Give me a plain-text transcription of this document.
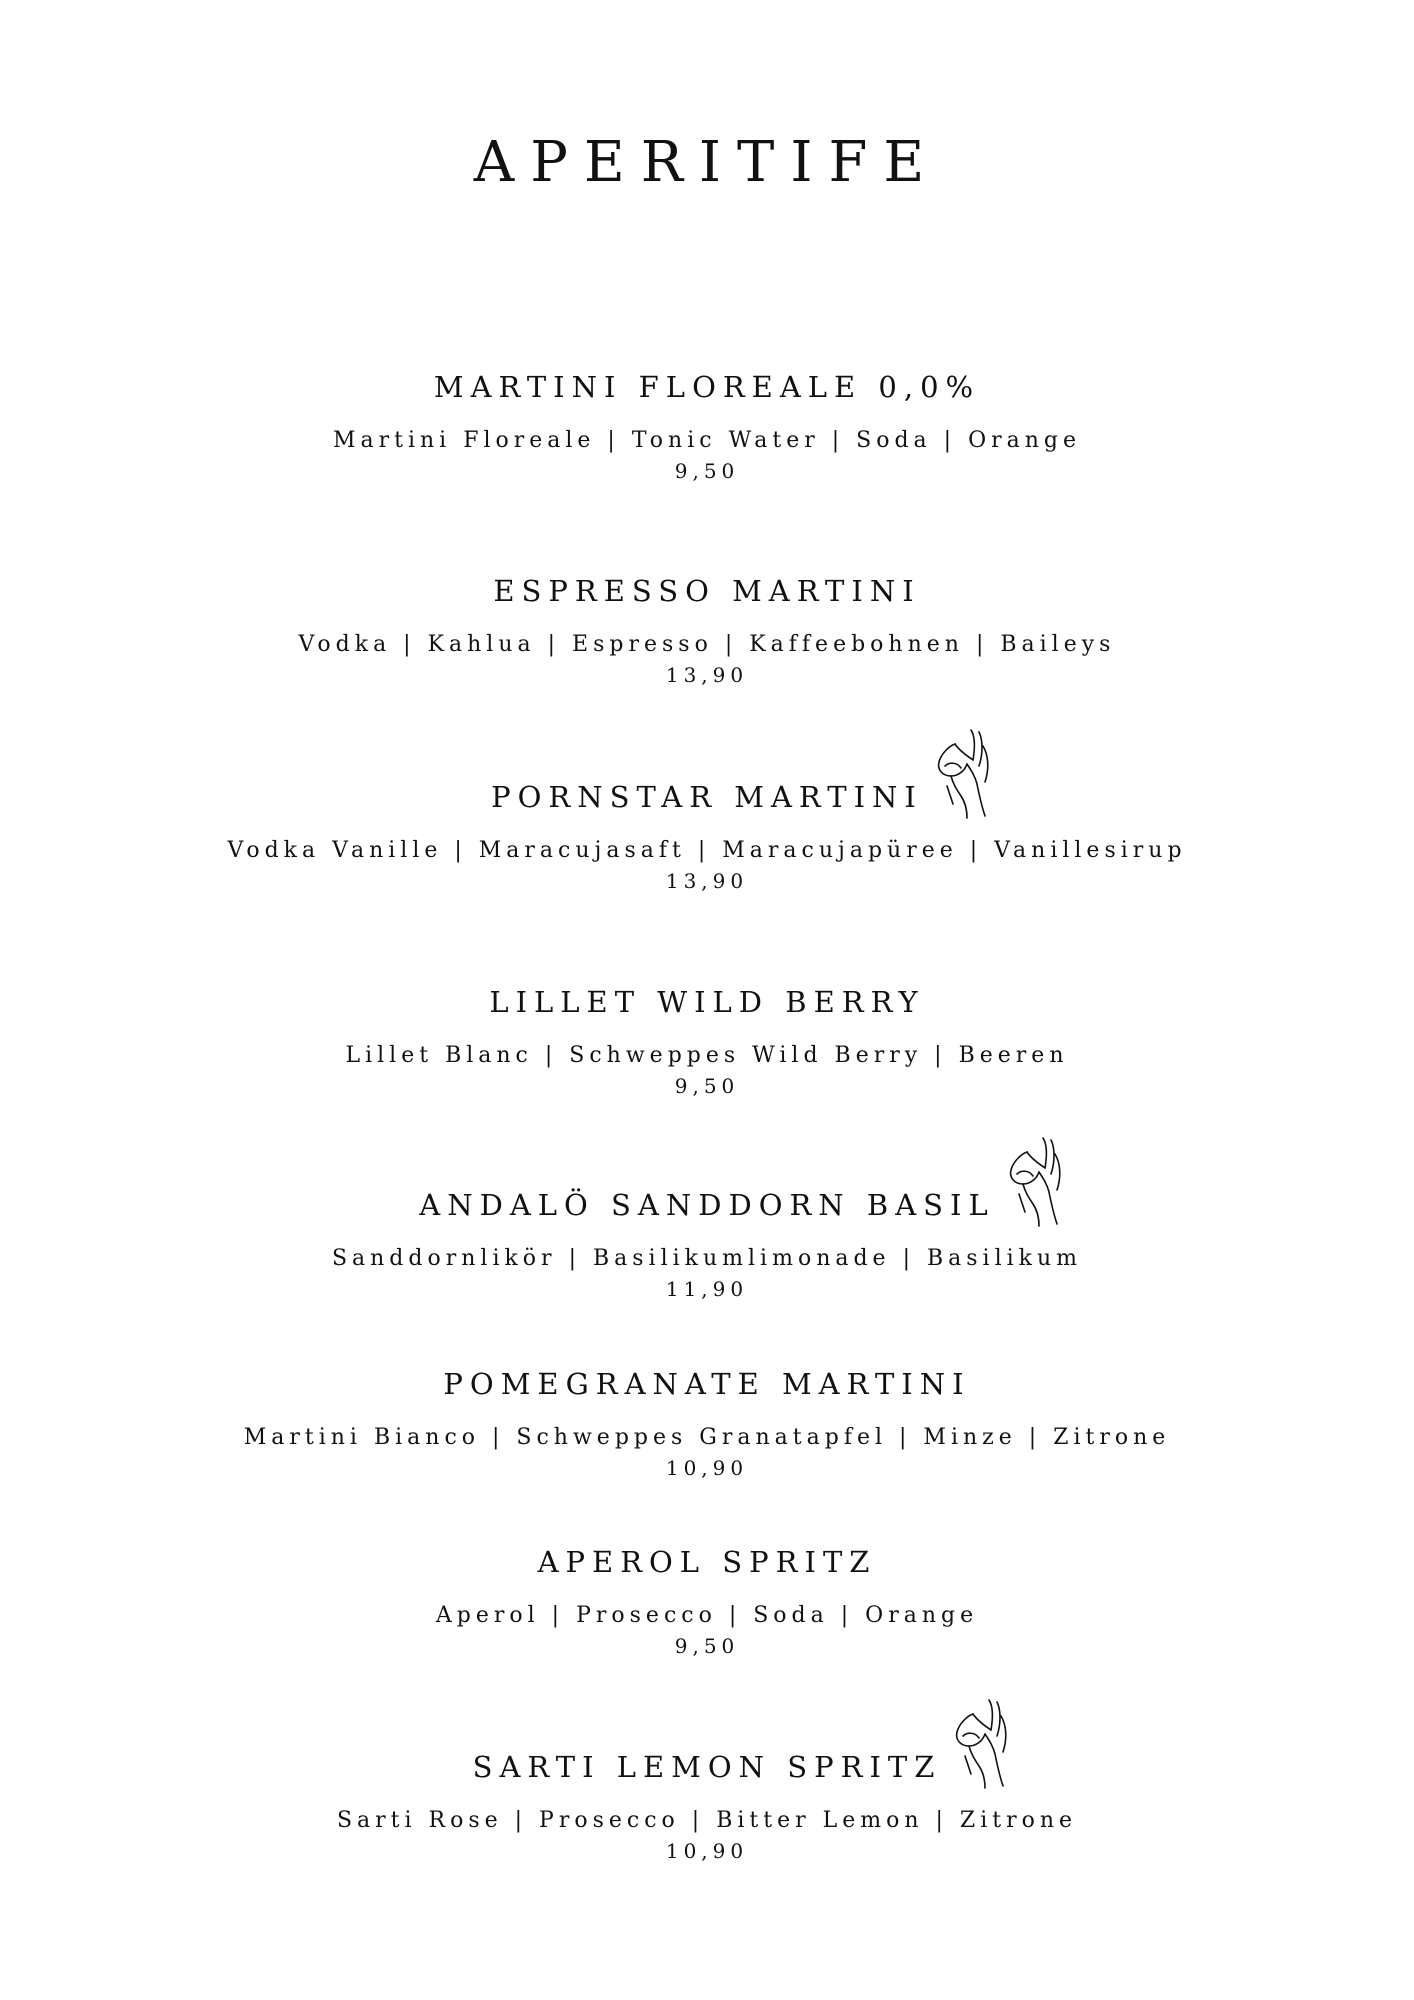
APERITIFE
MARTINI FLOREALE 0,0%
Martini Floreale | Tonic Water | Soda | Orange
9,50
ESPRESSO MARTINI
Vodka | Kahlua | Espresso | Kaffeebohnen | Baileys
13,90
PORNSTAR MARTINI
Vodka Vanille | Maracujasaft | Maracujapüree | Vanillesirup
13,90
LILLET WILD BERRY
Lillet Blanc | Schweppes Wild Berry | Beeren
9,50
ANDALÖ SANDDORN BASIL
Sanddornlikör | Basilikumlimonade | Basilikum
11,90
POMEGRANATE MARTINI
Martini Bianco | Schweppes Granatapfel | Minze | Zitrone
10,90
APEROL SPRITZ
Aperol | Prosecco | Soda | Orange
9,50
SARTI LEMON SPRITZ
Sarti Rose | Prosecco | Bitter Lemon | Zitrone
10,90
